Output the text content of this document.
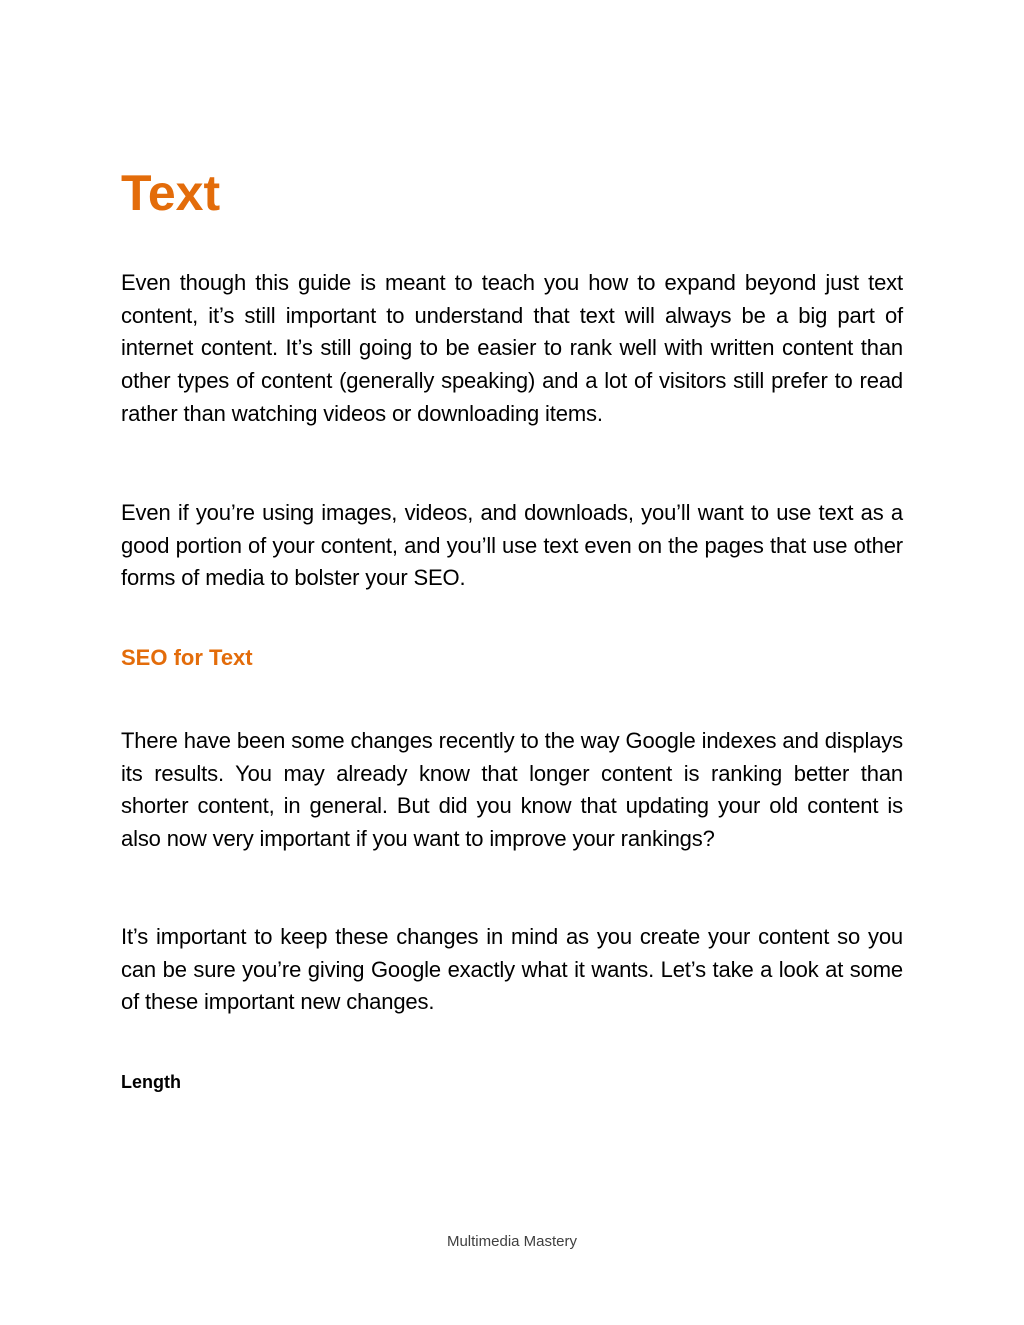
Text

Even though this guide is meant to teach you how to expand beyond just text content, it’s still important to understand that text will always be a big part of internet content. It’s still going to be easier to rank well with written content than other types of content (generally speaking) and a lot of visitors still prefer to read rather than watching videos or downloading items.

Even if you’re using images, videos, and downloads, you’ll want to use text as a good portion of your content, and you’ll use text even on the pages that use other forms of media to bolster your SEO.

SEO for Text

There have been some changes recently to the way Google indexes and displays its results. You may already know that longer content is ranking better than shorter content, in general. But did you know that updating your old content is also now very important if you want to improve your rankings?

It’s important to keep these changes in mind as you create your content so you can be sure you’re giving Google exactly what it wants. Let’s take a look at some of these important new changes.

Length
Multimedia Mastery
